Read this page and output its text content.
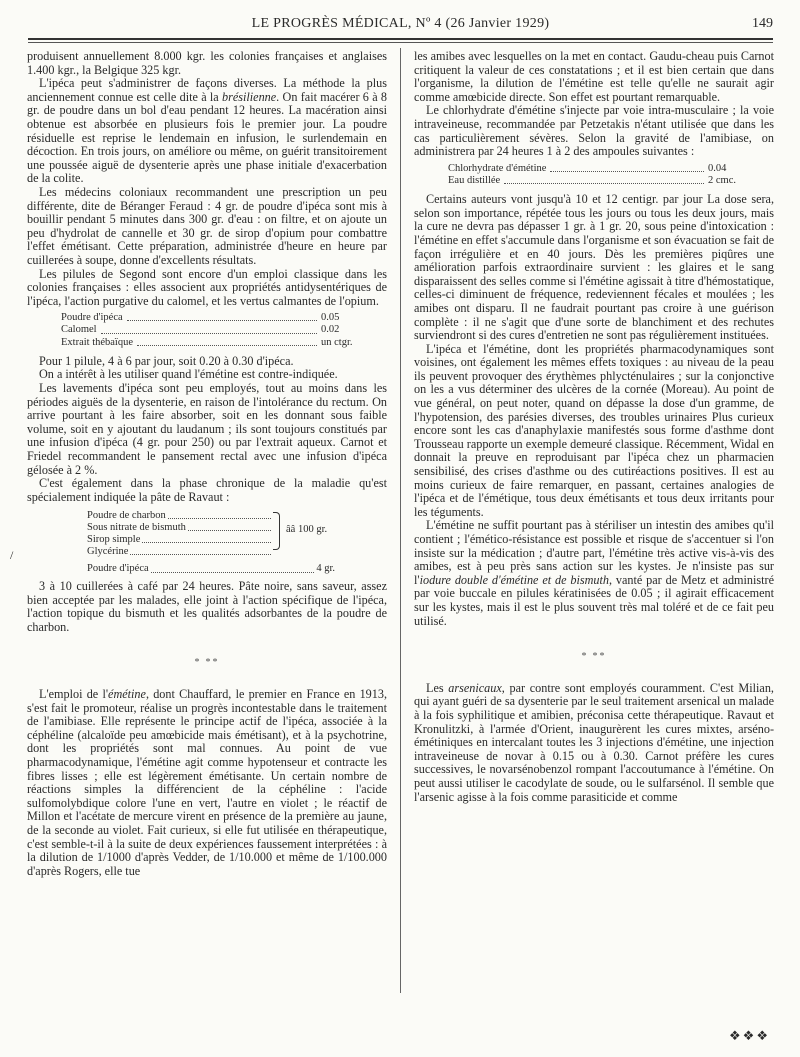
LE PROGRÈS MÉDICAL, Nº 4 (26 Janvier 1929)	149

produisent annuellement 8.000 kgr. les colonies françaises et anglaises 1.400 kgr., la Belgique 325 kgr.

L'ipéca peut s'administrer de façons diverses. La méthode la plus anciennement connue est celle dite à la brésilienne. On fait macérer 6 à 8 gr. de poudre dans un bol d'eau pendant 12 heures. La macération ainsi obtenue est absorbée en plusieurs fois le premier jour. La poudre résiduelle est reprise le lendemain en infusion, le surlendemain en décoction. En trois jours, on améliore ou même, on guérit transitoirement une poussée aiguë de dysenterie après une phase initiale d'exacerbation de la colite.

Les médecins coloniaux recommandent une prescription un peu différente, dite de Béranger Feraud : 4 gr. de poudre d'ipéca sont mis à bouillir pendant 5 minutes dans 300 gr. d'eau : on filtre, et on ajoute un peu d'hydrolat de cannelle et 30 gr. de sirop d'opium pour combattre l'effet émétisant. Cette préparation, administrée d'heure en heure par cuillerées à soupe, donne d'excellents résultats.

Les pilules de Segond sont encore d'un emploi classique dans les colonies françaises : elles associent aux propriétés antidysentériques de l'ipéca, l'action purgative du calomel, et les vertus calmantes de l'opium.

Poudre d'ipéca	0.05
Calomel	0.02
Extrait thébaïque	un ctgr.

Pour 1 pilule, 4 à 6 par jour, soit 0.20 à 0.30 d'ipéca.

On a intérêt à les utiliser quand l'émétine est contre-indiquée.

Les lavements d'ipéca sont peu employés, tout au moins dans les périodes aiguës de la dysenterie, en raison de l'intolérance du rectum. On arrive pourtant à les faire absorber, soit en les donnant sous faible volume, soit en y ajoutant du laudanum ; ils sont toujours constitués par une infusion d'ipéca (4 gr. pour 250) ou par l'extrait aqueux. Carnot et Friedel recommandent le pansement rectal avec une infusion d'ipéca gélosée à 2 %.

C'est également dans la phase chronique de la maladie qu'est spécialement indiquée la pâte de Ravaut :

Poudre de charbon
Sous nitrate de bismuth
Sirop simple
Glycérine
ââ 100 gr.
Poudre d'ipéca	4 gr.

3 à 10 cuillerées à café par 24 heures. Pâte noire, sans saveur, assez bien acceptée par les malades, elle joint à l'action spécifique de l'ipéca, l'action topique du bismuth et les qualités adsorbantes de la poudre de charbon.

* **

L'emploi de l'émétine, dont Chauffard, le premier en France en 1913, s'est fait le promoteur, réalise un progrès incontestable dans le traitement de l'amibiase. Elle représente le principe actif de l'ipéca, associée à la céphéline (alcaloïde peu amœbicide mais émétisant), et à la psychotrine, dont les propriétés sont mal connues. Au point de vue pharmacodynamique, l'émétine agit comme hypotenseur et contracte les fibres lisses ; elle est légèrement émétisante. Un certain nombre de réactions simples la différencient de la céphéline : l'acide sulfomolybdique colore l'une en vert, l'autre en violet ; le réactif de Millon et l'acétate de mercure virent en présence de la première au jaune, de la seconde au violet. Fait curieux, si elle fut utilisée en thérapeutique, c'est semble-t-il à la suite de deux expériences faussement interprétées : à la dilution de 1/1000 d'après Vedder, de 1/10.000 et même de 1/100.000 d'après Rogers, elle tue

/

les amibes avec lesquelles on la met en contact. Gaudu-cheau puis Carnot critiquent la valeur de ces constatations ; et il est bien certain que dans l'organisme, la dilution de l'émétine est telle qu'elle ne saurait agir comme amœbicide directe. Son effet est pourtant remarquable.

Le chlorhydrate d'émétine s'injecte par voie intra-musculaire ; la voie intraveineuse, recommandée par Petzetakis n'étant utilisée que dans les cas particulièrement sévères. Selon la gravité de l'amibiase, on administrera par 24 heures 1 à 2 des ampoules suivantes :

Chlorhydrate d'émétine	0.04
Eau distillée	2 cmc.

Certains auteurs vont jusqu'à 10 et 12 centigr. par jour La dose sera, selon son importance, répétée tous les jours ou tous les deux jours, mais la cure ne devra pas dépasser 1 gr. à 1 gr. 20, sous peine d'intoxication : l'émétine en effet s'accumule dans l'organisme et son évacuation se fait de façon irrégulière et en 40 jours. Dès les premières piqûres une amélioration parfois extraordinaire survient : les glaires et le sang disparaissent des selles comme si l'émétine agissait à titre d'hémostatique, celles-ci diminuent de fréquence, redeviennent fécales et moulées ; les amibes ont disparu. Il ne faudrait pourtant pas croire à une guérison complète : il ne s'agit que d'une sorte de blanchiment et des rechutes surviendront si des cures d'entretien ne sont pas régulièrement instituées.

L'ipéca et l'émétine, dont les propriétés pharmacodynamiques sont voisines, ont également les mêmes effets toxiques : au niveau de la peau ils peuvent provoquer des érythèmes phlycténulaires ; sur la conjonctive on les a vus déterminer des ulcères de la cornée (Moreau). Au point de vue général, on peut noter, quand on dépasse la dose d'un gramme, de l'hypotension, des parésies diverses, des troubles urinaires Plus curieux encore sont les cas d'anaphylaxie manifestés sous forme d'asthme dont Trousseau rapporte un exemple demeuré classique. Récemment, Widal en donnait la preuve en reproduisant par l'ipéca chez un pharmacien sensibilisé, des crises d'asthme ou des cutiréactions positives. Il est au moins curieux de faire remarquer, en passant, certaines analogies de l'ipéca et de l'émétique, tous deux émétisants et tous deux irritants pour les téguments.

L'émétine ne suffit pourtant pas à stériliser un intestin des amibes qu'il contient ; l'émético-résistance est possible et risque de s'accentuer si l'on insiste sur la médication ; d'autre part, l'émétine très active vis-à-vis des amibes, est à peu près sans action sur les kystes. Je n'insiste pas sur l'iodure double d'émétine et de bismuth, vanté par de Metz et administré par voie buccale en pilules kératinisées de 0.05 ; il agirait efficacement sur les kystes, mais il est le plus souvent très mal toléré et de ce fait peu utilisé.

* **

Les arsenicaux, par contre sont employés couramment. C'est Milian, qui ayant guéri de sa dysenterie par le seul traitement arsenical un malade à la fois syphilitique et amibien, préconisa cette thérapeutique. Ravaut et Kronulitzki, à l'armée d'Orient, inaugurèrent les cures mixtes, arséno-émétiniques en intercalant toutes les 3 injections d'émétine, une injection intraveineuse de novar à 0.15 ou à 0.30. Carnot préfère les cures successives, le novarsénobenzol rompant l'accoutumance à l'émétine. On peut aussi utiliser le cacodylate de soude, ou le sulfarsénol. Il semble que l'arsenic agisse à la fois comme parasiticide et comme

❖❖❖
